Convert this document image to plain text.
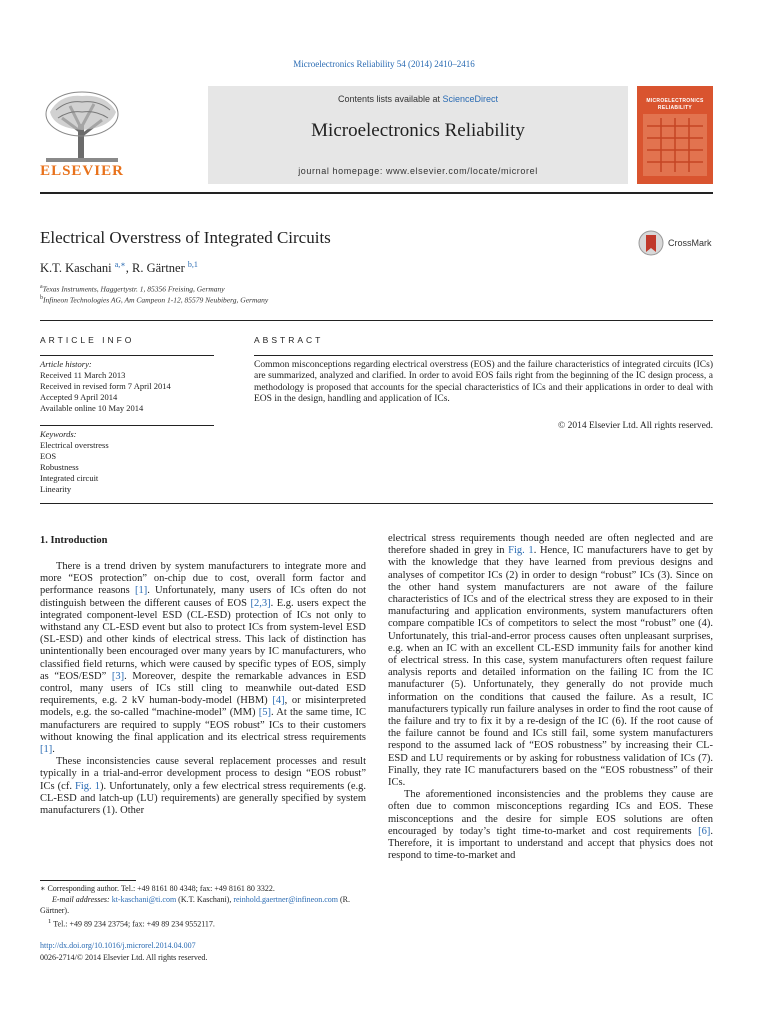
Microelectronics Reliability 54 (2014) 2410–2416
ELSEVIER
Contents lists available at ScienceDirect
Microelectronics Reliability
journal homepage: www.elsevier.com/locate/microrel
MICROELECTRONICS RELIABILITY
Electrical Overstress of Integrated Circuits	CrossMark
K.T. Kaschani $^{a,∗}$, R. Gärtner $^{b,1}$
$^a$Texas Instruments, Haggertystr. 1, 85356 Freising, Germany
$^b$Infineon Technologies AG, Am Campeon 1-12, 85579 Neubiberg, Germany
ARTICLE INFO
Article history:
Received 11 March 2013
Received in revised form 7 April 2014
Accepted 9 April 2014
Available online 10 May 2014
Keywords:
Electrical overstress
EOS
Robustness
Integrated circuit
Linearity
ABSTRACT
Common misconceptions regarding electrical overstress (EOS) and the failure characteristics of integrated circuits (ICs) are summarized, analyzed and clarified. In order to avoid EOS fails right from the beginning of the IC design process, a methodology is proposed that accounts for the special characteristics of ICs and their applications in order to deal with EOS in the design, handling and application of ICs.
© 2014 Elsevier Ltd. All rights reserved.
1. Introduction

There is a trend driven by system manufacturers to integrate more and more “EOS protection” on-chip due to cost, overall form factor and performance reasons [1]. Unfortunately, many users of ICs often do not distinguish between the different causes of EOS [2,3]. E.g. users expect the integrated component-level ESD (CL-ESD) protection of ICs not only to withstand any CL-ESD event but also to protect ICs from system-level ESD (SL-ESD) and other kinds of electrical stress. This lack of distinction has unintentionally been encouraged over many years by IC manufacturers, who classified field returns, which were caused by specific types of EOS, simply as “EOS/ESD” [3]. Moreover, despite the remarkable advances in ESD control, many users of ICs still cling to meanwhile out-dated ESD requirements, e.g. 2 kV human-body-model (HBM) [4], or misinterpreted models, e.g. the so-called “machine-model” (MM) [5]. At the same time, IC manufacturers are required to supply “EOS robust” ICs to their customers without knowing the final application and its electrical stress requirements [1].

These inconsistencies cause several replacement processes and result typically in a trial-and-error development process to design “EOS robust” ICs (cf. Fig. 1). Unfortunately, only a few electrical stress requirements (e.g. CL-ESD and latch-up (LU) requirements) are generally specified by system manufacturers (1). Other

electrical stress requirements though needed are often neglected and are therefore shaded in grey in Fig. 1. Hence, IC manufacturers have to get by with the knowledge that they have learned from previous designs and analyses of competitor ICs (2) in order to design “robust” ICs (3). Since on the other hand system manufacturers are not aware of the failure characteristics of ICs and of the electrical stress they are exposed to in their manufacturing and application environments, system manufacturers often compare compatible ICs of competitors to select the most “robust” one (4). Unfortunately, this trial-and-error process causes often unpleasant surprises, e.g. when an IC with an excellent CL-ESD immunity fails for another kind of electrical stress. In this case, system manufacturers often request failure analysis reports and detailed information on the failing IC from the IC manufacturer (5). Unfortunately, they generally do not provide much information on the conditions that caused the failure. As a result, IC manufacturers typically run failure analyses in order to find the root cause of the failure and try to fix it by a re-design of the IC (6). If the root cause of the failure cannot be found and ICs still fail, some system manufacturers respond to the assumed lack of “EOS robustness” by increasing their CL-ESD and LU requirements or by asking for robustness validation of ICs (7). Finally, they rate IC manufacturers based on the “EOS robustness” of their ICs.

The aforementioned inconsistencies and the problems they cause are often due to common misconceptions regarding ICs and EOS. These misconceptions and the desire for simple EOS solutions are often encouraged by today’s tight time-to-market and cost requirements [6]. Therefore, it is important to understand and accept that physics does not respond to time-to-market and

∗ Corresponding author. Tel.: +49 8161 80 4348; fax: +49 8161 80 3322.
E-mail addresses: kt-kaschani@ti.com (K.T. Kaschani), reinhold.gaertner@infineon.com (R. Gärtner).
$^1$ Tel.: +49 89 234 23754; fax: +49 89 234 9552117.
http://dx.doi.org/10.1016/j.microrel.2014.04.007
0026-2714/© 2014 Elsevier Ltd. All rights reserved.
